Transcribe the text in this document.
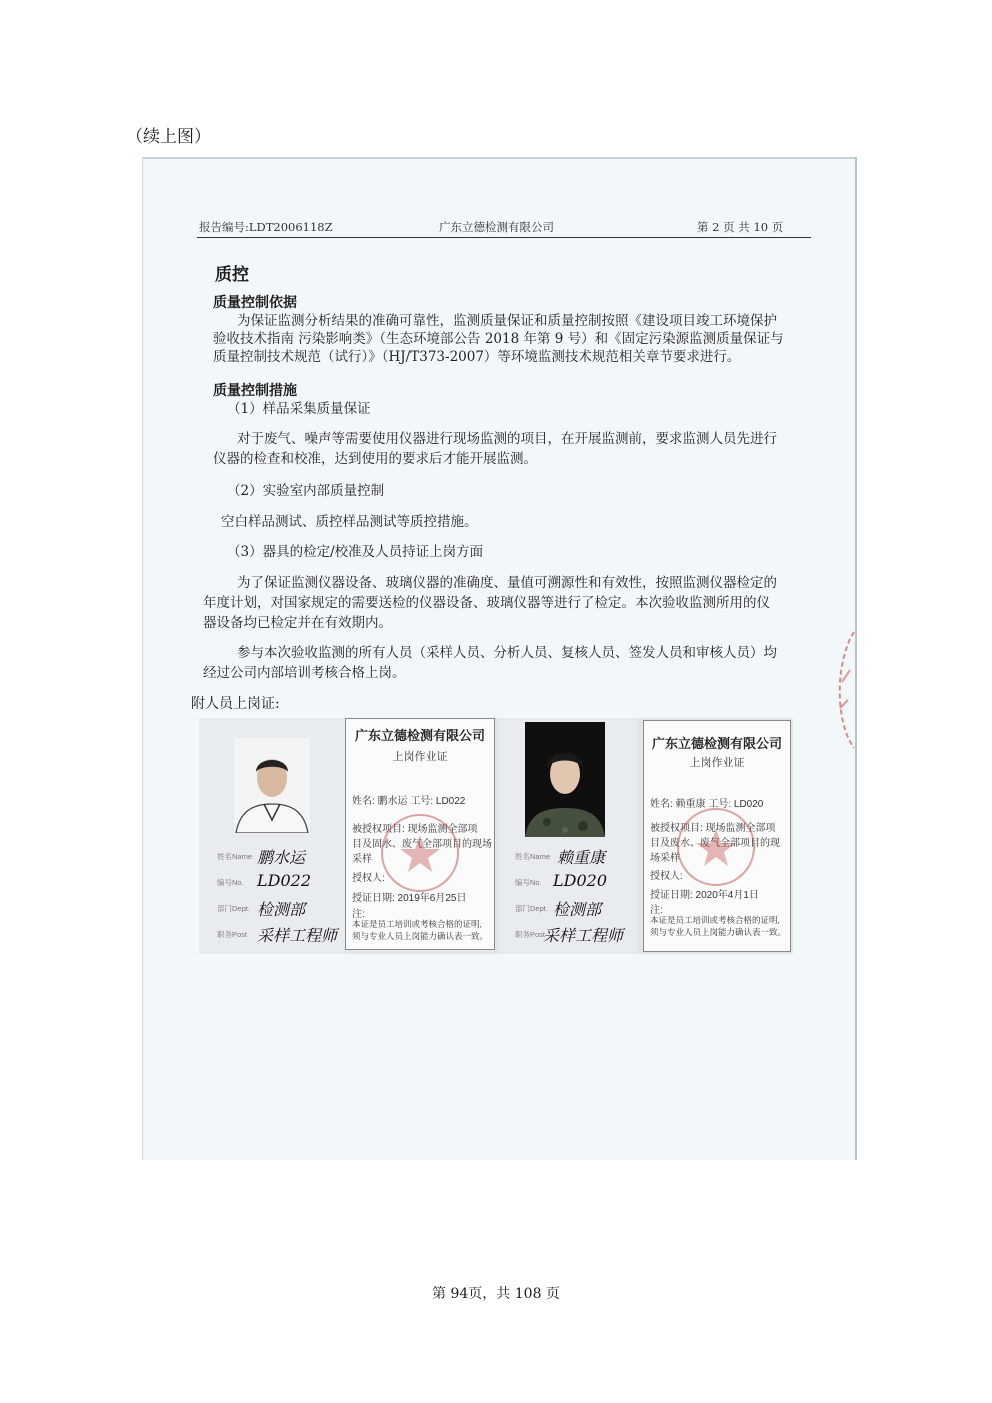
（续上图）
报告编号:LDT2006118Z	广东立德检测有限公司	第 2 页 共 10 页
质控
质量控制依据
为保证监测分析结果的准确可靠性，监测质量保证和质量控制按照《建设项目竣工环境保护
验收技术指南 污染影响类》（生态环境部公告 2018 年第 9 号）和《固定污染源监测质量保证与
质量控制技术规范（试行）》（HJ/T373-2007）等环境监测技术规范相关章节要求进行。
质量控制措施
（1）样品采集质量保证
对于废气、噪声等需要使用仪器进行现场监测的项目，在开展监测前，要求监测人员先进行
仪器的检查和校准，达到使用的要求后才能开展监测。
（2）实验室内部质量控制
空白样品测试、质控样品测试等质控措施。
（3）器具的检定/校准及人员持证上岗方面
为了保证监测仪器设备、玻璃仪器的准确度、量值可溯源性和有效性，按照监测仪器检定的
年度计划，对国家规定的需要送检的仪器设备、玻璃仪器等进行了检定。本次验收监测所用的仪
器设备均已检定并在有效期内。
参与本次验收监测的所有人员（采样人员、分析人员、复核人员、签发人员和审核人员）均
经过公司内部培训考核合格上岗。
附人员上岗证:
姓名Name 鹏水运
编号No. LD022
部门Dept. 检测部
职务Post 采样工程师
广东立德检测有限公司
上岗作业证
姓名: 鹏水运 工号: LD022
被授权项目: 现场监测全部项
目及固水、废气全部项目的现场
采样
授权人:
授证日期: 2019年6月25日
注:
本证是员工培训或考核合格的证明,
须与专业人员上岗能力确认表一致。
姓名Name 赖重康
编号No. LD020
部门Dept. 检测部
职务Post
采样工程师
广东立德检测有限公司
上岗作业证
姓名: 赖重康 工号: LD020
被授权项目: 现场监测全部项
目及废水、废气全部项目的现
场采样
授权人:
授证日期: 2020年4月1日
注:
本证是员工培训或考核合格的证明,
须与专业人员上岗能力确认表一致。
第 94页，共 108 页
